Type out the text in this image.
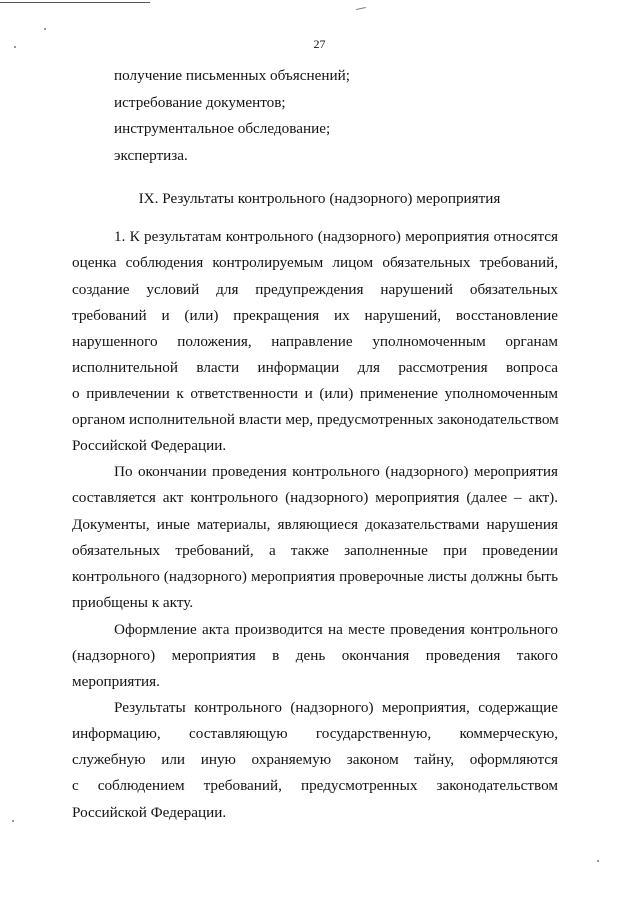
27
получение письменных объяснений;
истребование документов;
инструментальное обследование;
экспертиза.
IX. Результаты контрольного (надзорного) мероприятия
1. К результатам контрольного (надзорного) мероприятия относятся
оценка соблюдения контролируемым лицом обязательных требований,
создание условий для предупреждения нарушений обязательных
требований и (или) прекращения их нарушений, восстановление
нарушенного положения, направление уполномоченным органам
исполнительной власти информации для рассмотрения вопроса
о привлечении к ответственности и (или) применение уполномоченным
органом исполнительной власти мер, предусмотренных законодательством
Российской Федерации.
По окончании проведения контрольного (надзорного) мероприятия
составляется акт контрольного (надзорного) мероприятия (далее – акт).
Документы, иные материалы, являющиеся доказательствами нарушения
обязательных требований, а также заполненные при проведении
контрольного (надзорного) мероприятия проверочные листы должны быть
приобщены к акту.
Оформление акта производится на месте проведения контрольного
(надзорного) мероприятия в день окончания проведения такого
мероприятия.
Результаты контрольного (надзорного) мероприятия, содержащие
информацию, составляющую государственную, коммерческую,
служебную или иную охраняемую законом тайну, оформляются
с соблюдением требований, предусмотренных законодательством
Российской Федерации.
